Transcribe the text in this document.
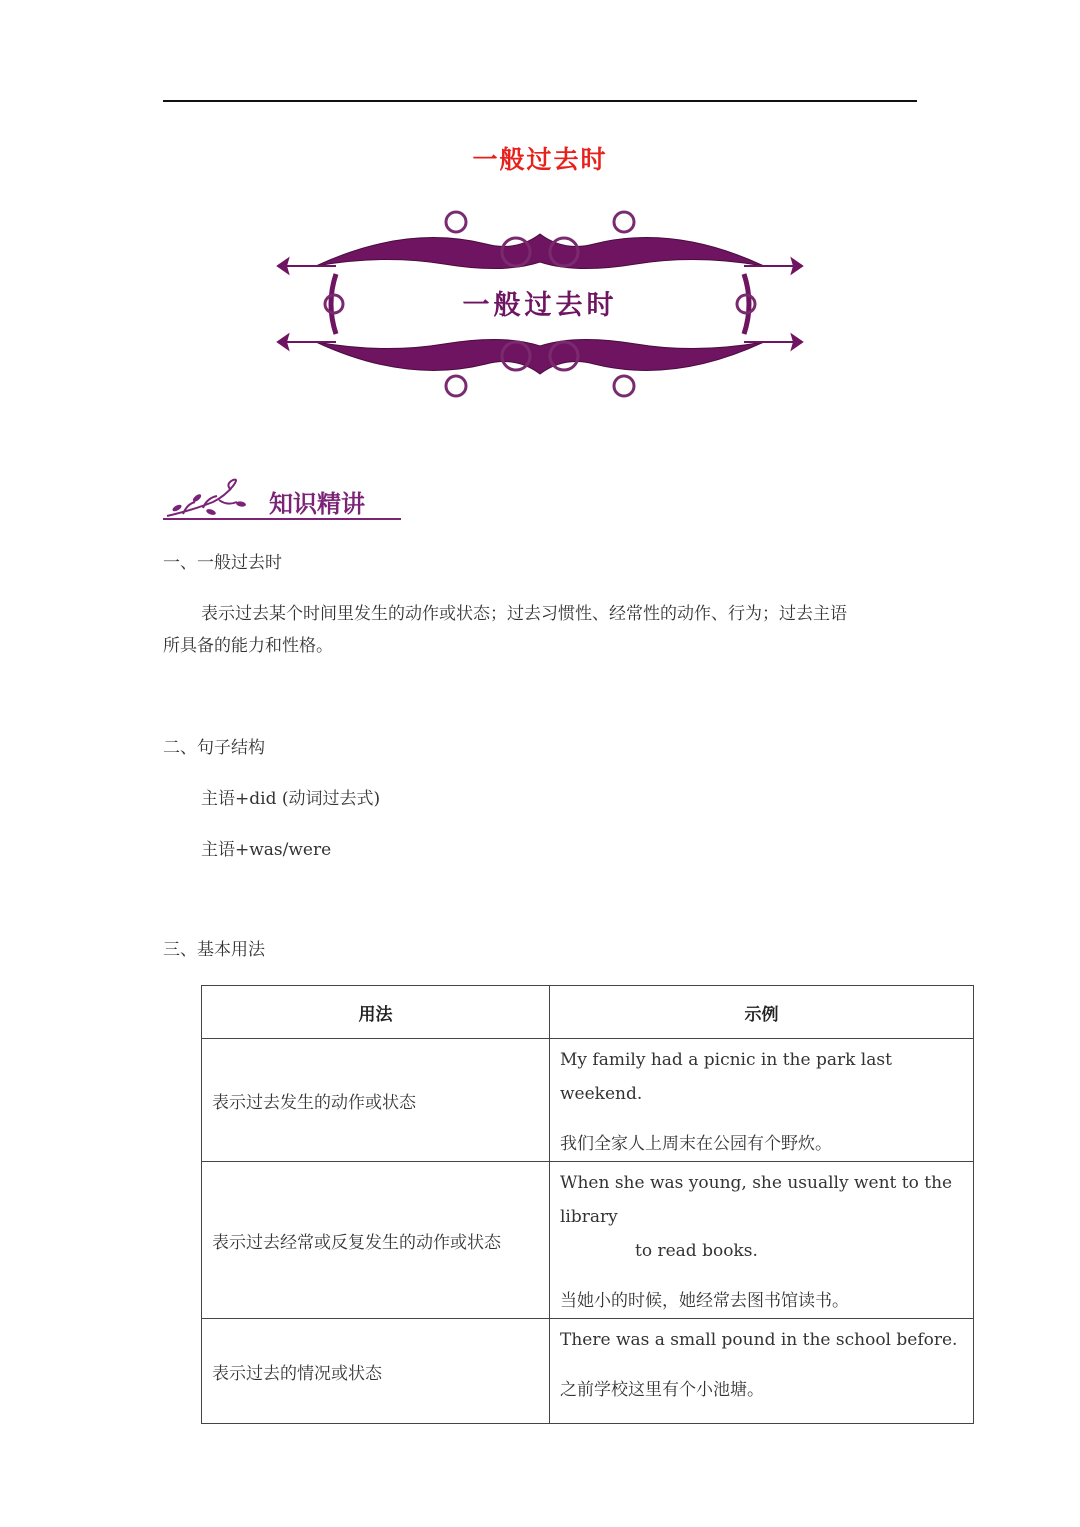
一般过去时
一般过去时
知识精讲
一、一般过去时
表示过去某个时间里发生的动作或状态；过去习惯性、经常性的动作、行为；过去主语
所具备的能力和性格。
二、句子结构
主语+did (动词过去式)
主语+was/were
三、基本用法
用法	示例
表示过去发生的动作或状态	My family had a picnic in the park last weekend.
我们全家人上周末在公园有个野炊。

表示过去经常或反复发生的动作或状态	When she was young, she usually went to the library
to read books.
当她小的时候，她经常去图书馆读书。

表示过去的情况或状态	There was a small pound in the school before.
之前学校这里有个小池塘。
